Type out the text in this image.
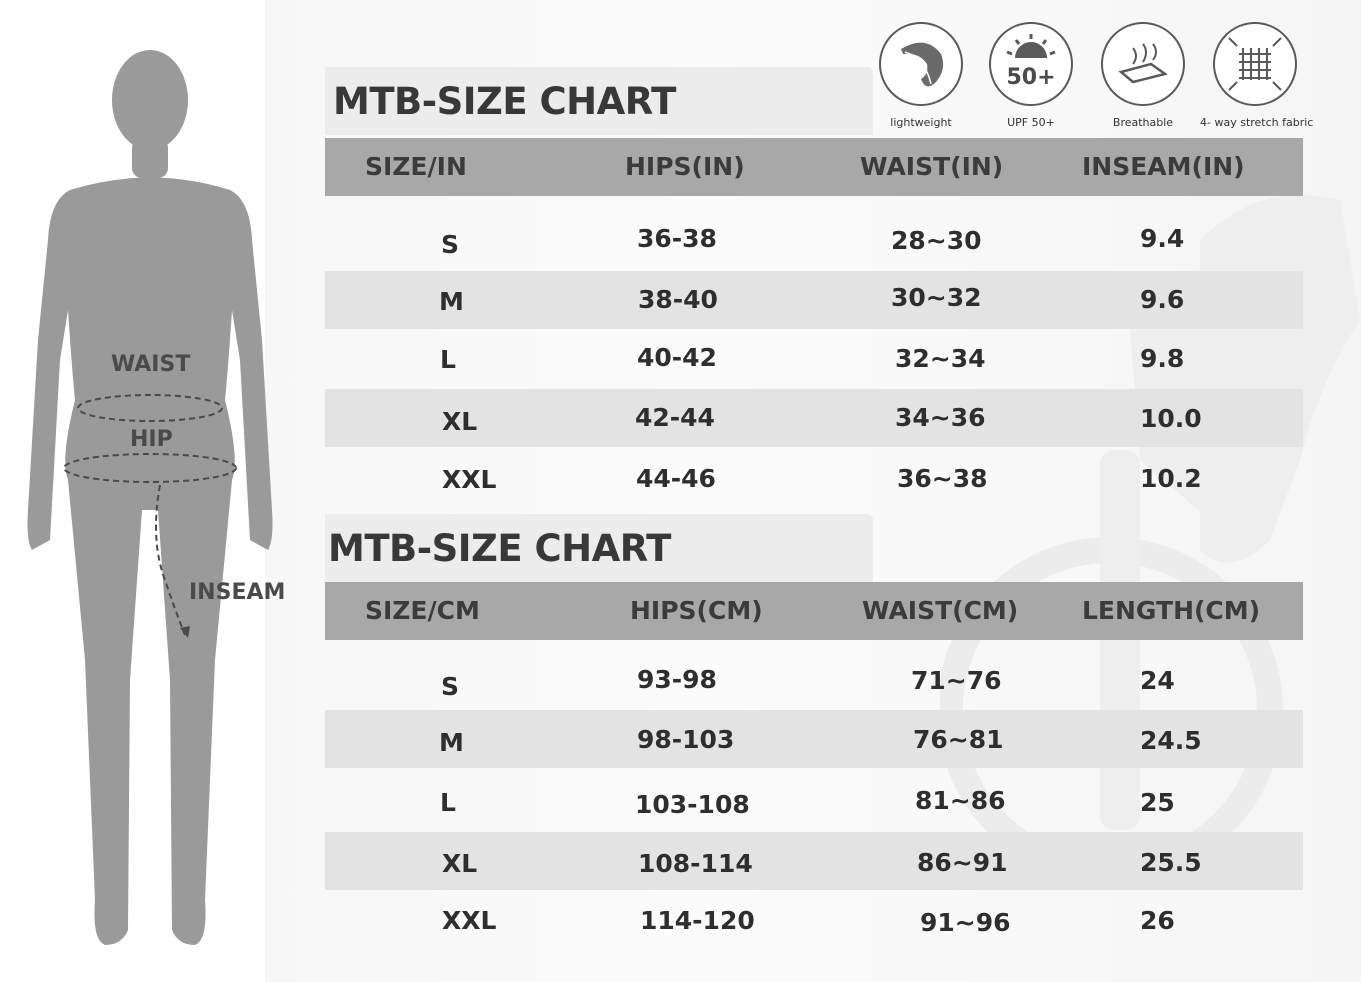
WAIST
HIP
INSEAM
lightweight
50+
UPF 50+	Breathable	4- way stretch fabric
MTB-SIZE CHART
SIZE/IN	HIPS(IN)	WAIST(IN)	INSEAM(IN)
S	36-38	28~30	9.4
M	38-40	30~32	9.6
L	40-42	32~34	9.8
XL	42-44	34~36	10.0
XXL	44-46	36~38	10.2
MTB-SIZE CHART
SIZE/CM	HIPS(CM)	WAIST(CM)	LENGTH(CM)
S	93-98	71~76	24
M	98-103	76~81	24.5
L	103-108	81~86	25
XL	108-114	86~91	25.5
XXL	114-120	91~96	26
